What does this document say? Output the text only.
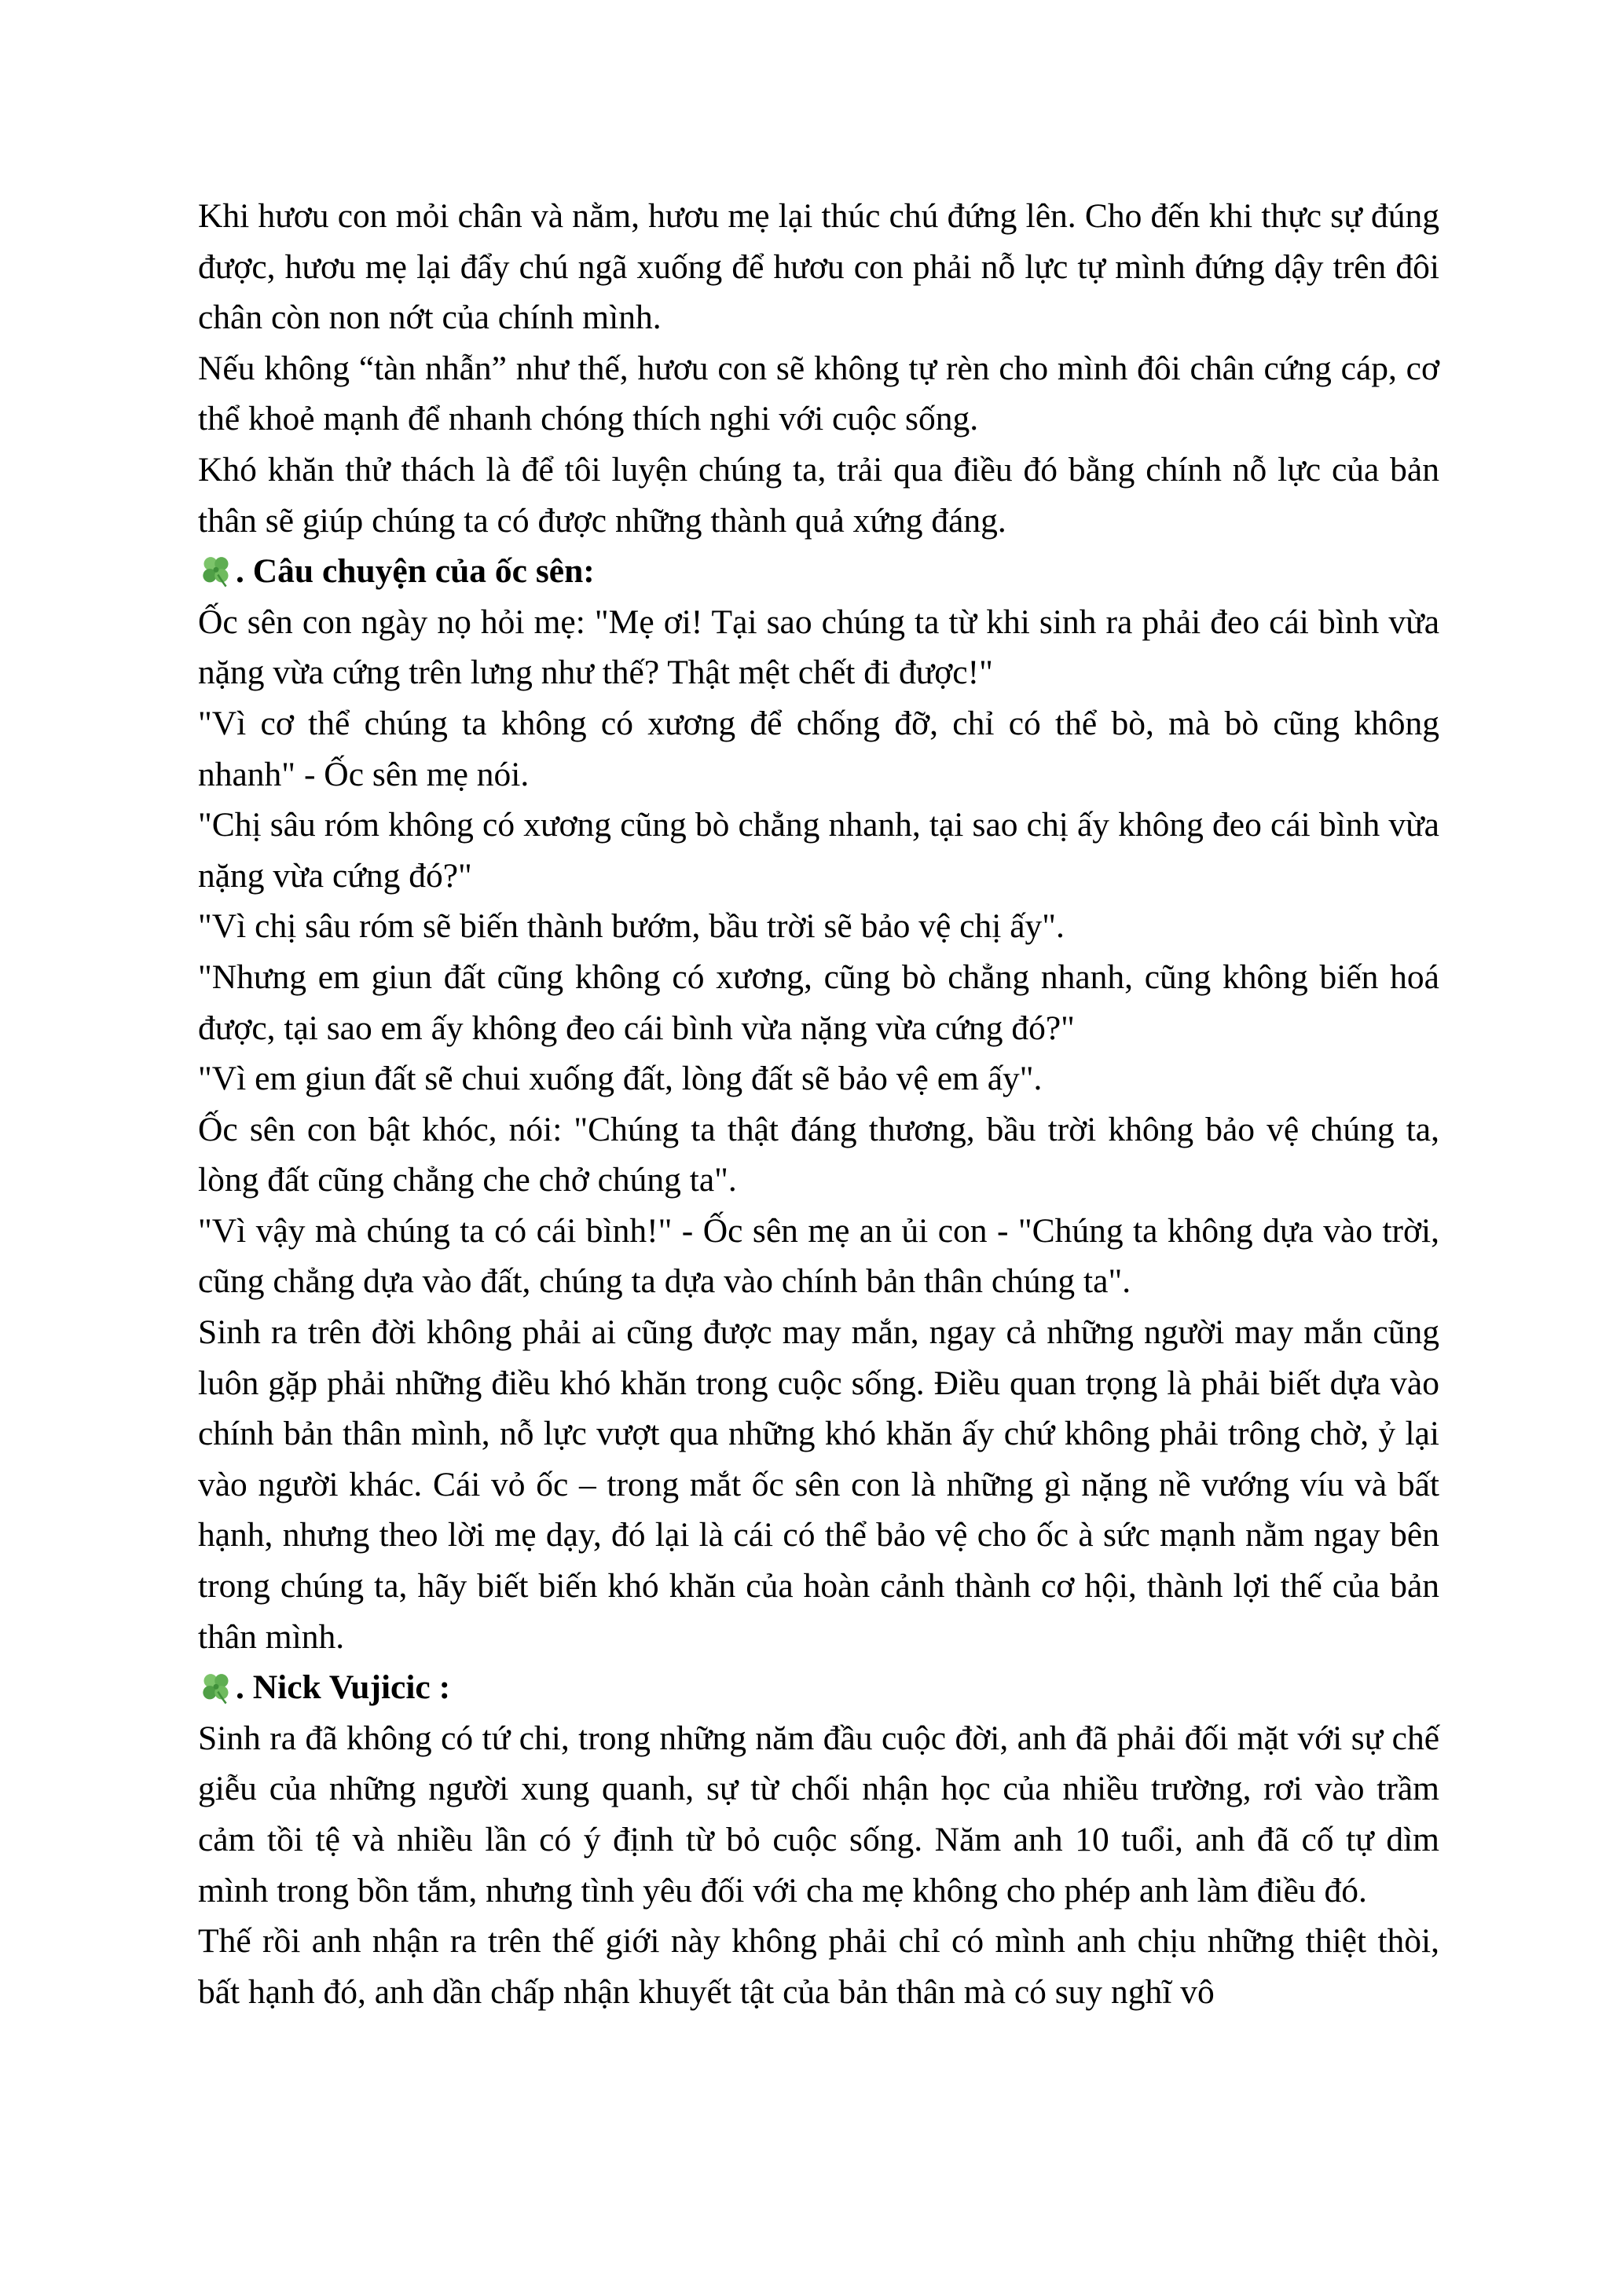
Khi hươu con mỏi chân và nằm, hươu mẹ lại thúc chú đứng lên. Cho đến khi thực sự đúng được, hươu mẹ lại đẩy chú ngã xuống để hươu con phải nỗ lực tự mình đứng dậy trên đôi chân còn non nớt của chính mình.

Nếu không “tàn nhẫn” như thế, hươu con sẽ không tự rèn cho mình đôi chân cứng cáp, cơ thể khoẻ mạnh để nhanh chóng thích nghi với cuộc sống.

Khó khăn thử thách là để tôi luyện chúng ta, trải qua điều đó bằng chính nỗ lực của bản thân sẽ giúp chúng ta có được những thành quả xứng đáng.

. Câu chuyện của ốc sên:

Ốc sên con ngày nọ hỏi mẹ: "Mẹ ơi! Tại sao chúng ta từ khi sinh ra phải đeo cái bình vừa nặng vừa cứng trên lưng như thế? Thật mệt chết đi được!"

"Vì cơ thể chúng ta không có xương để chống đỡ, chỉ có thể bò, mà bò cũng không nhanh" - Ốc sên mẹ nói.

"Chị sâu róm không có xương cũng bò chẳng nhanh, tại sao chị ấy không đeo cái bình vừa nặng vừa cứng đó?"

"Vì chị sâu róm sẽ biến thành bướm, bầu trời sẽ bảo vệ chị ấy".

"Nhưng em giun đất cũng không có xương, cũng bò chẳng nhanh, cũng không biến hoá được, tại sao em ấy không đeo cái bình vừa nặng vừa cứng đó?"

"Vì em giun đất sẽ chui xuống đất, lòng đất sẽ bảo vệ em ấy".

Ốc sên con bật khóc, nói: "Chúng ta thật đáng thương, bầu trời không bảo vệ chúng ta, lòng đất cũng chẳng che chở chúng ta".

"Vì vậy mà chúng ta có cái bình!" - Ốc sên mẹ an ủi con - "Chúng ta không dựa vào trời, cũng chẳng dựa vào đất, chúng ta dựa vào chính bản thân chúng ta".

Sinh ra trên đời không phải ai cũng được may mắn, ngay cả những người may mắn cũng luôn gặp phải những điều khó khăn trong cuộc sống. Điều quan trọng là phải biết dựa vào chính bản thân mình, nỗ lực vượt qua những khó khăn ấy chứ không phải trông chờ, ỷ lại vào người khác. Cái vỏ ốc – trong mắt ốc sên con là những gì nặng nề vướng víu và bất hạnh, nhưng theo lời mẹ dạy, đó lại là cái có thể bảo vệ cho ốc à sức mạnh nằm ngay bên trong chúng ta, hãy biết biến khó khăn của hoàn cảnh thành cơ hội, thành lợi thế của bản thân mình.

. Nick Vujicic :

Sinh ra đã không có tứ chi, trong những năm đầu cuộc đời, anh đã phải đối mặt với sự chế giễu của những người xung quanh, sự từ chối nhận học của nhiều trường, rơi vào trầm cảm tồi tệ và nhiều lần có ý định từ bỏ cuộc sống. Năm anh 10 tuổi, anh đã cố tự dìm mình trong bồn tắm, nhưng tình yêu đối với cha mẹ không cho phép anh làm điều đó.

Thế rồi anh nhận ra trên thế giới này không phải chỉ có mình anh chịu những thiệt thòi, bất hạnh đó, anh dần chấp nhận khuyết tật của bản thân mà có suy nghĩ vô
